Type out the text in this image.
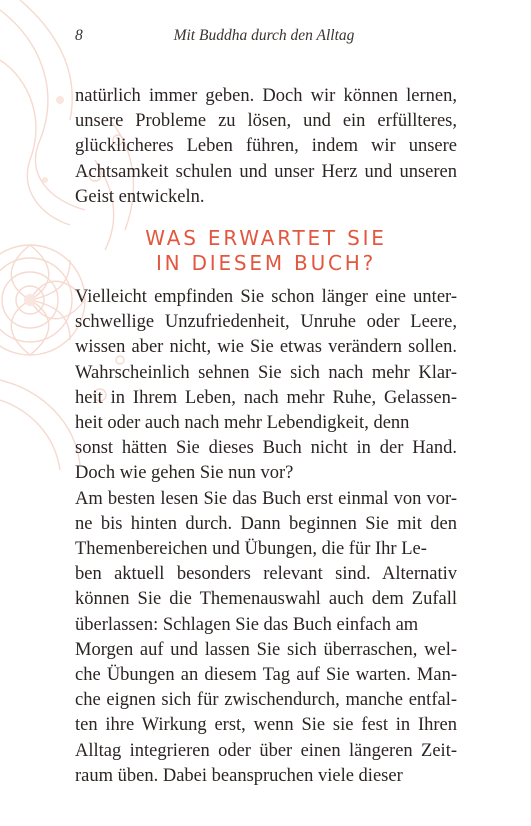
8	Mit Buddha durch den Alltag
natürlich immer geben. Doch wir können lernen,
unsere Probleme zu lösen, und ein erfüllteres,
glücklicheres Leben führen, indem wir unsere
Achtsamkeit schulen und unser Herz und unseren
Geist entwickeln.
WAS ERWARTET SIE
IN DIESEM BUCH?
Vielleicht empfinden Sie schon länger eine unter-
schwellige Unzufriedenheit, Unruhe oder Leere,
wissen aber nicht, wie Sie etwas verändern sollen.
Wahrscheinlich sehnen Sie sich nach mehr Klar-
heit in Ihrem Leben, nach mehr Ruhe, Gelassen-
heit oder auch nach mehr Lebendigkeit, denn
sonst hätten Sie dieses Buch nicht in der Hand.
Doch wie gehen Sie nun vor?
Am besten lesen Sie das Buch erst einmal von vor-
ne bis hinten durch. Dann beginnen Sie mit den
Themenbereichen und Übungen, die für Ihr Le-
ben aktuell besonders relevant sind. Alternativ
können Sie die Themenauswahl auch dem Zufall
überlassen: Schlagen Sie das Buch einfach am
Morgen auf und lassen Sie sich überraschen, wel-
che Übungen an diesem Tag auf Sie warten. Man-
che eignen sich für zwischendurch, manche entfal-
ten ihre Wirkung erst, wenn Sie sie fest in Ihren
Alltag integrieren oder über einen längeren Zeit-
raum üben. Dabei beanspruchen viele dieser
